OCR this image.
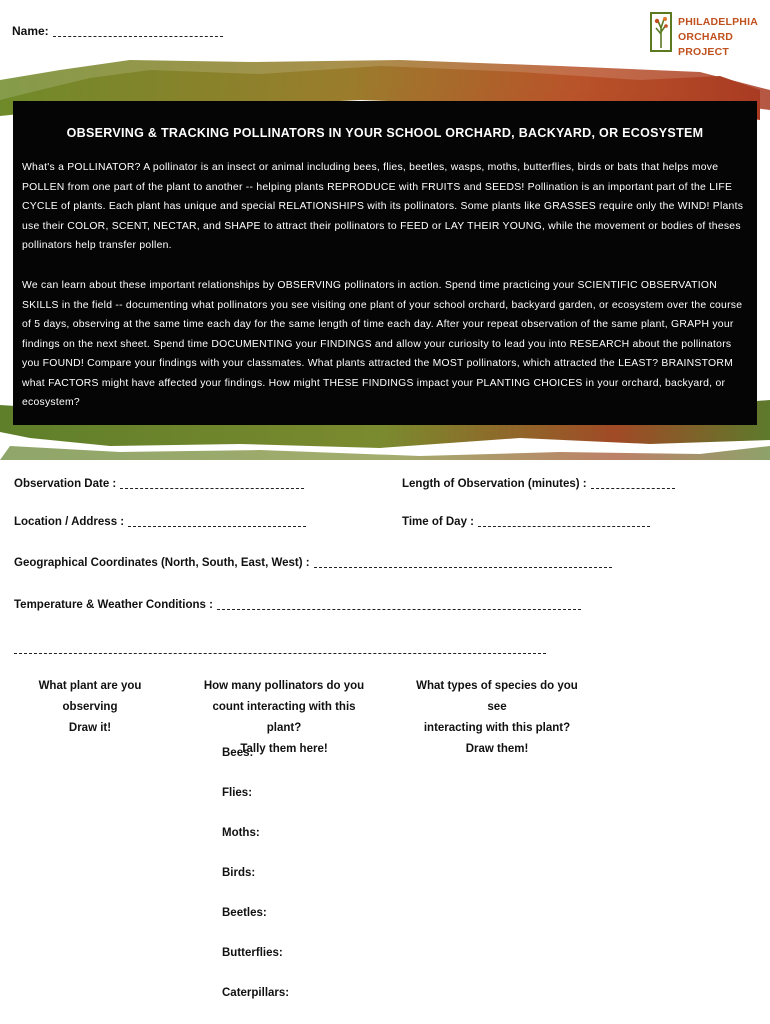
Name:
PHILADELPHIA
ORCHARD PROJECT
OBSERVING & TRACKING POLLINATORS IN YOUR SCHOOL ORCHARD, BACKYARD, OR ECOSYSTEM

What's a POLLINATOR? A pollinator is an insect or animal including bees, flies, beetles, wasps, moths, butterflies, birds or bats that helps move POLLEN from one part of the plant to another -- helping plants REPRODUCE with FRUITS and SEEDS! Pollination is an important part of the LIFE CYCLE of plants. Each plant has unique and special RELATIONSHIPS with its pollinators. Some plants like GRASSES require only the WIND! Plants use their COLOR, SCENT, NECTAR, and SHAPE to attract their pollinators to FEED or LAY THEIR YOUNG, while the movement or bodies of theses pollinators help transfer pollen.

We can learn about these important relationships by OBSERVING pollinators in action. Spend time practicing your SCIENTIFIC OBSERVATION SKILLS in the field -- documenting what pollinators you see visiting one plant of your school orchard, backyard garden, or ecosystem over the course of 5 days, observing at the same time each day for the same length of time each day. After your repeat observation of the same plant, GRAPH your findings on the next sheet. Spend time DOCUMENTING your FINDINGS and allow your curiosity to lead you into RESEARCH about the pollinators you FOUND! Compare your findings with your classmates. What plants attracted the MOST pollinators, which attracted the LEAST? BRAINSTORM what FACTORS might have affected your findings. How might THESE FINDINGS impact your PLANTING CHOICES in your orchard, backyard, or ecosystem?

Observation Date :	Length of Observation (minutes) :
Location / Address :	Time of Day :
Geographical Coordinates (North, South, East, West) :
Temperature & Weather Conditions :
What plant are you observing
Draw it!
How many pollinators do you
count interacting with this plant?
Tally them here!
What types of species do you see
interacting with this plant?
Draw them!
Bees:
Flies:
Moths:
Birds:
Beetles:
Butterflies:
Caterpillars:
